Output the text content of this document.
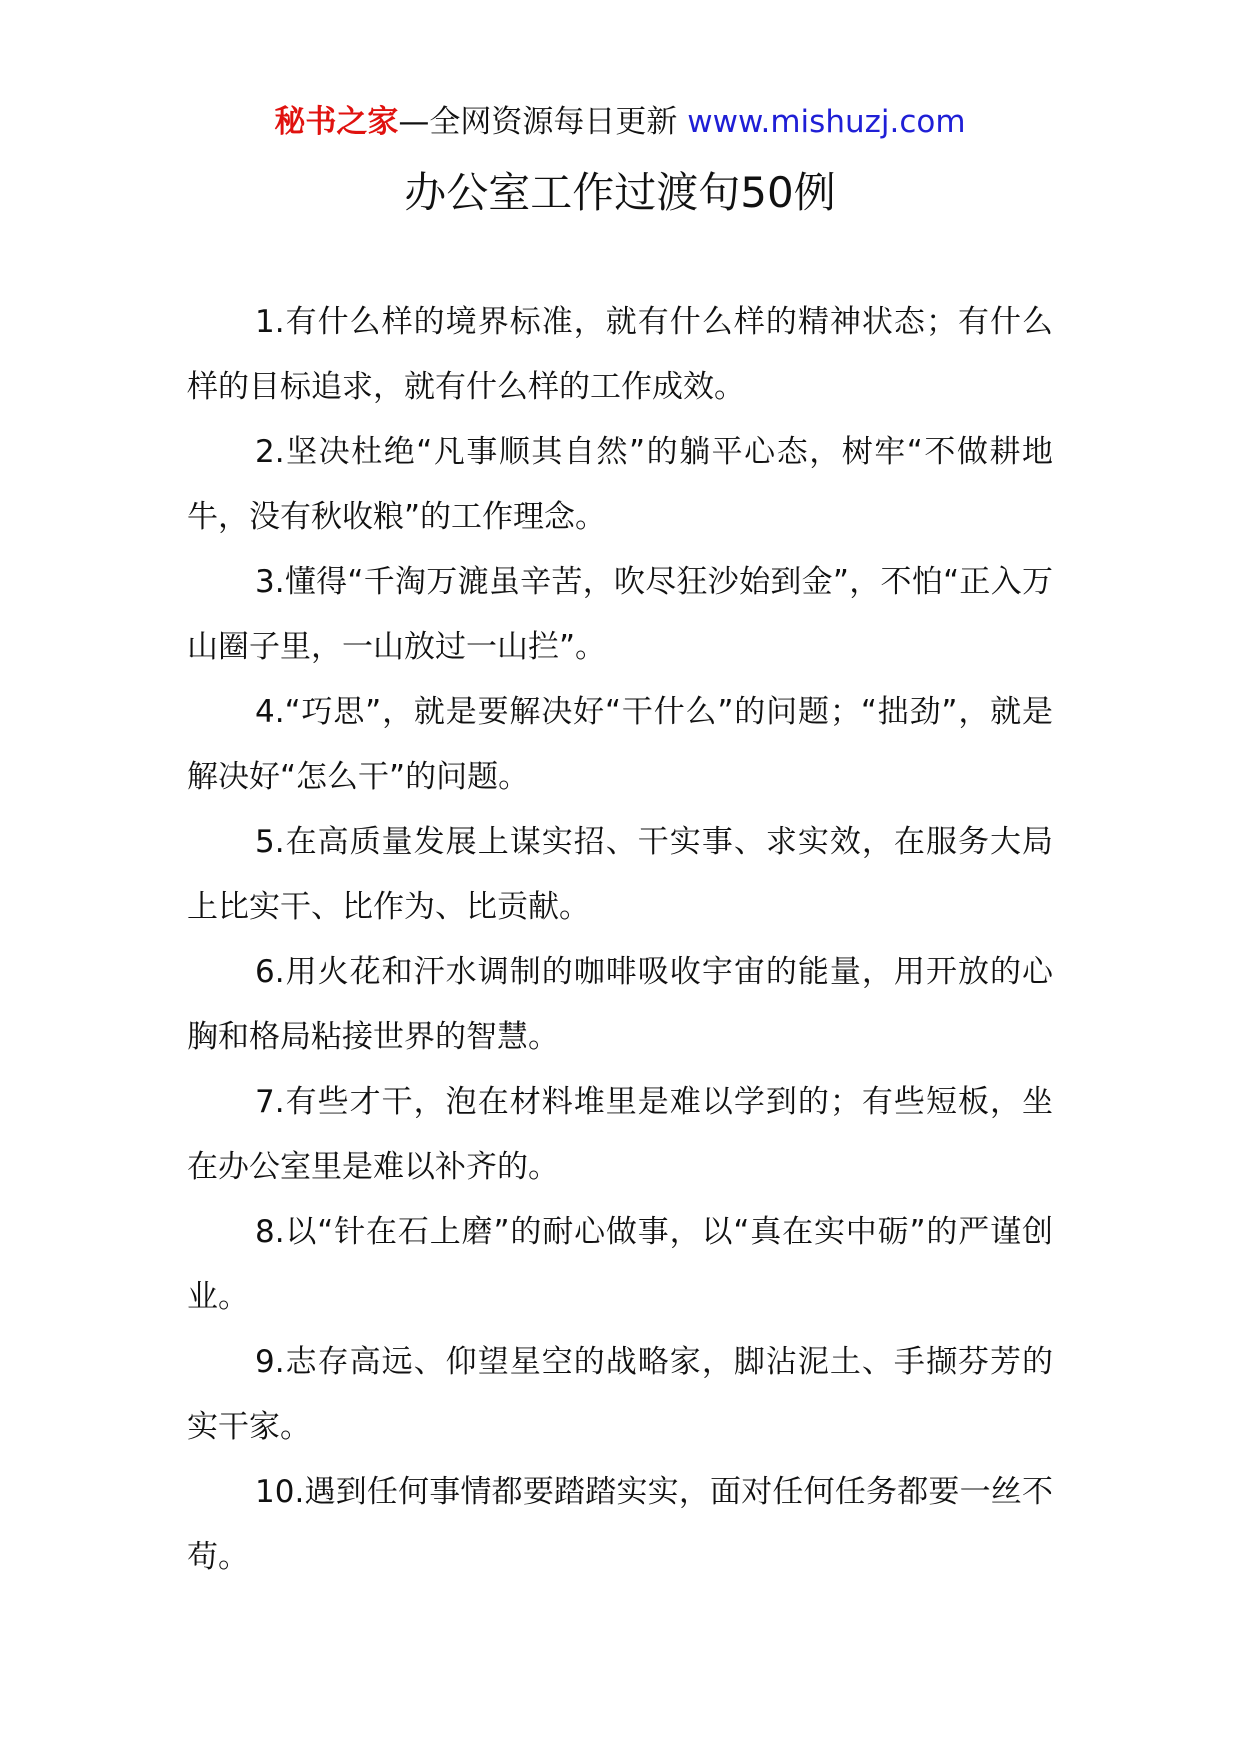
秘书之家—全网资源每日更新 www.mishuzj.com
办公室工作过渡句50例

1.有什么样的境界标准，就有什么样的精神状态；有什么样的目标追求，就有什么样的工作成效。

2.坚决杜绝“凡事顺其自然”的躺平心态，树牢“不做耕地牛，没有秋收粮”的工作理念。

3.懂得“千淘万漉虽辛苦，吹尽狂沙始到金”，不怕“正入万山圈子里，一山放过一山拦”。

4.“巧思”，就是要解决好“干什么”的问题；“拙劲”，就是解决好“怎么干”的问题。

5.在高质量发展上谋实招、干实事、求实效，在服务大局上比实干、比作为、比贡献。

6.用火花和汗水调制的咖啡吸收宇宙的能量，用开放的心胸和格局粘接世界的智慧。

7.有些才干，泡在材料堆里是难以学到的；有些短板，坐在办公室里是难以补齐的。

8.以“针在石上磨”的耐心做事，以“真在实中砺”的严谨创业。

9.志存高远、仰望星空的战略家，脚沾泥土、手撷芬芳的实干家。

10.遇到任何事情都要踏踏实实，面对任何任务都要一丝不苟。
